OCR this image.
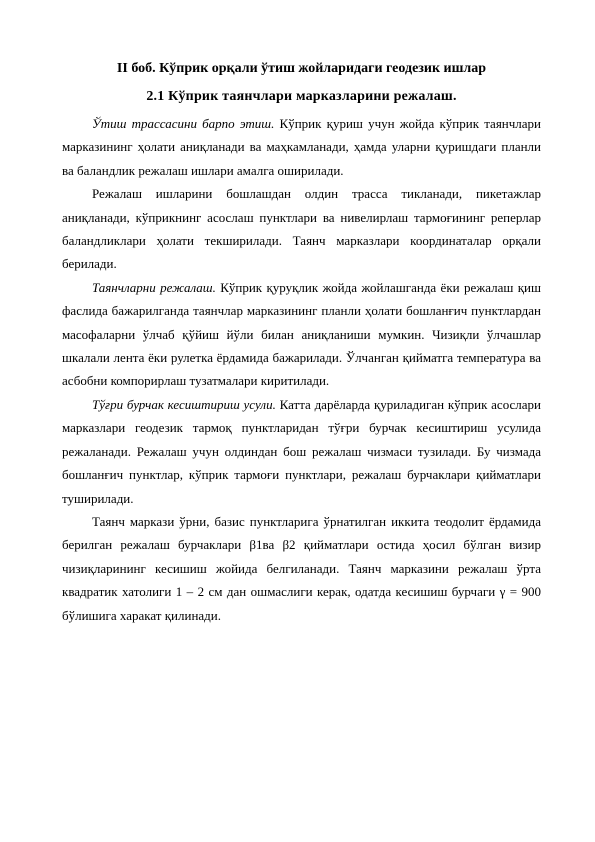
II боб. Кўприк орқали ўтиш жойларидаги геодезик ишлар
2.1 Кўприк таянчлари марказларини режалаш.

Ўтиш трассасини барпо этиш. Кўприк қуриш учун жойда кўприк таянчлари марказининг ҳолати аниқланади ва маҳкамланади, ҳамда уларни қуришдаги планли ва баландлик режалаш ишлари амалга оширилади.

Режалаш ишларини бошлашдан олдин трасса тикланади, пикетажлар аниқланади, кўприкнинг асослаш пунктлари ва нивелирлаш тармоғининг реперлар баландликлари ҳолати текширилади. Таянч марказлари координаталар орқали берилади.

Таянчларни режалаш. Кўприк қуруқлик жойда жойлашганда ёки режалаш қиш фаслида бажарилганда таянчлар марказининг планли ҳолати бошланғич пунктлардан масофаларни ўлчаб қўйиш йўли билан аниқланиши мумкин. Чизиқли ўлчашлар шкалали лента ёки рулетка ёрдамида бажарилади. Ўлчанган қийматга температура ва асбобни компорирлаш тузатмалари киритилади.

Тўғри бурчак кесиштириш усули. Катта дарёларда қуриладиган кўприк асослари марказлари геодезик тармоқ пунктларидан тўғри бурчак кесиштириш усулида режаланади. Режалаш учун олдиндан бош режалаш чизмаси тузилади. Бу чизмада бошланғич пунктлар, кўприк тармоғи пунктлари, режалаш бурчаклари қийматлари туширилади.

Таянч маркази ўрни, базис пунктларига ўрнатилган иккита теодолит ёрдамида берилган режалаш бурчаклари β1ва β2 қийматлари остида ҳосил бўлган визир чизиқларининг кесишиш жойида белгиланади. Таянч марказини режалаш ўрта квадратик хатолиги 1 – 2 см дан ошмаслиги керак, одатда кесишиш бурчаги γ = 900 бўлишига харакат қилинади.
